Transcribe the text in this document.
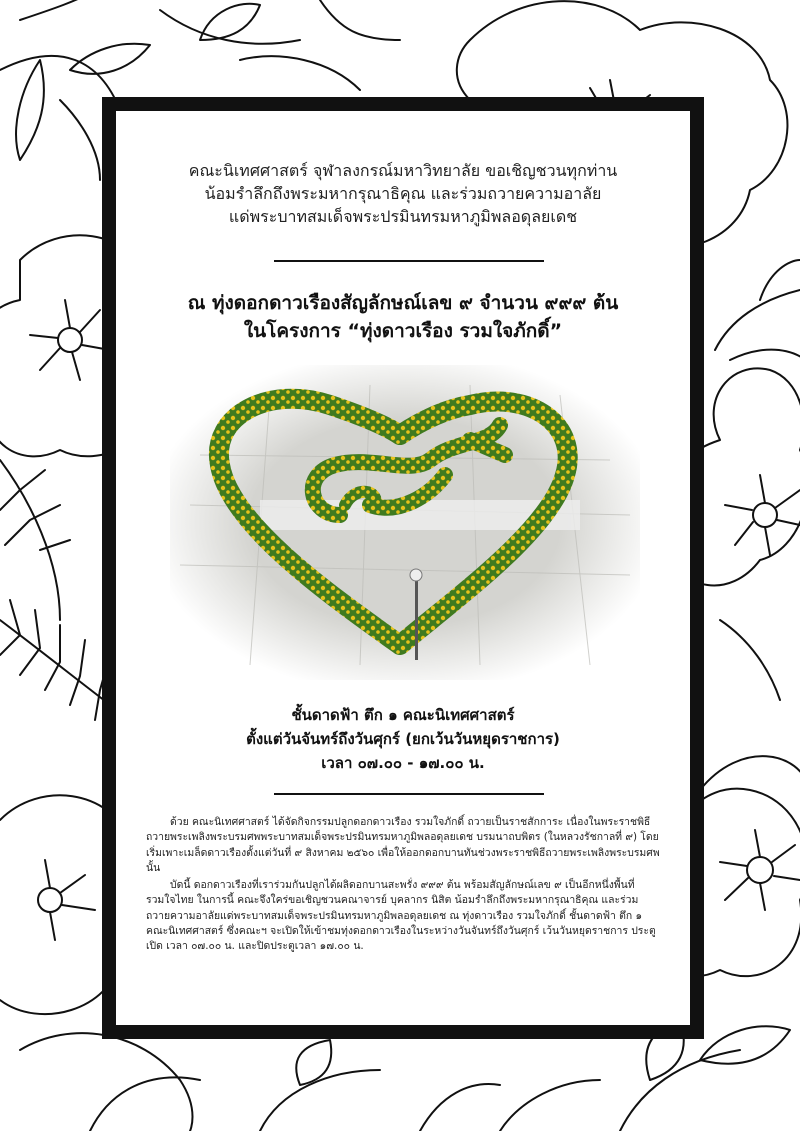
คณะนิเทศศาสตร์ จุฬาลงกรณ์มหาวิทยาลัย ขอเชิญชวนทุกท่าน
น้อมรำลึกถึงพระมหากรุณาธิคุณ และร่วมถวายความอาลัย
แด่พระบาทสมเด็จพระปรมินทรมหาภูมิพลอดุลยเดช
ณ ทุ่งดอกดาวเรืองสัญลักษณ์เลข ๙ จำนวน ๙๙๙ ต้น
ในโครงการ “ทุ่งดาวเรือง รวมใจภักดิ์”
ชั้นดาดฟ้า ตึก ๑ คณะนิเทศศาสตร์
ตั้งแต่วันจันทร์ถึงวันศุกร์ (ยกเว้นวันหยุดราชการ)
เวลา ๐๗.๐๐ - ๑๗.๐๐ น.

ด้วย คณะนิเทศศาสตร์ ได้จัดกิจกรรมปลูกดอกดาวเรือง รวมใจภักดิ์ ถวายเป็นราชสักการะ เนื่องในพระราชพิธีถวายพระเพลิงพระบรมศพพระบาทสมเด็จพระปรมินทรมหาภูมิพลอดุลยเดช บรมนาถบพิตร (ในหลวงรัชกาลที่ ๙) โดยเริ่มเพาะเมล็ดดาวเรืองตั้งแต่วันที่ ๙ สิงหาคม ๒๕๖๐ เพื่อให้ออกดอกบานทันช่วงพระราชพิธีถวายพระเพลิงพระบรมศพ นั้น

บัดนี้ ดอกดาวเรืองที่เราร่วมกันปลูกได้ผลิดอกบานสะพรั่ง ๙๙๙ ต้น พร้อมสัญลักษณ์เลข ๙ เป็นอีกหนึ่งพื้นที่รวมใจไทย ในการนี้ คณะจึงใคร่ขอเชิญชวนคณาจารย์ บุคลากร นิสิต น้อมรำลึกถึงพระมหากรุณาธิคุณ และร่วมถวายความอาลัยแด่พระบาทสมเด็จพระปรมินทรมหาภูมิพลอดุลยเดช ณ ทุ่งดาวเรือง รวมใจภักดิ์ ชั้นดาดฟ้า ตึก ๑ คณะนิเทศศาสตร์ ซึ่งคณะฯ จะเปิดให้เข้าชมทุ่งดอกดาวเรืองในระหว่างวันจันทร์ถึงวันศุกร์ เว้นวันหยุดราชการ ประตูเปิด เวลา ๐๗.๐๐ น. และปิดประตูเวลา ๑๗.๐๐ น.
